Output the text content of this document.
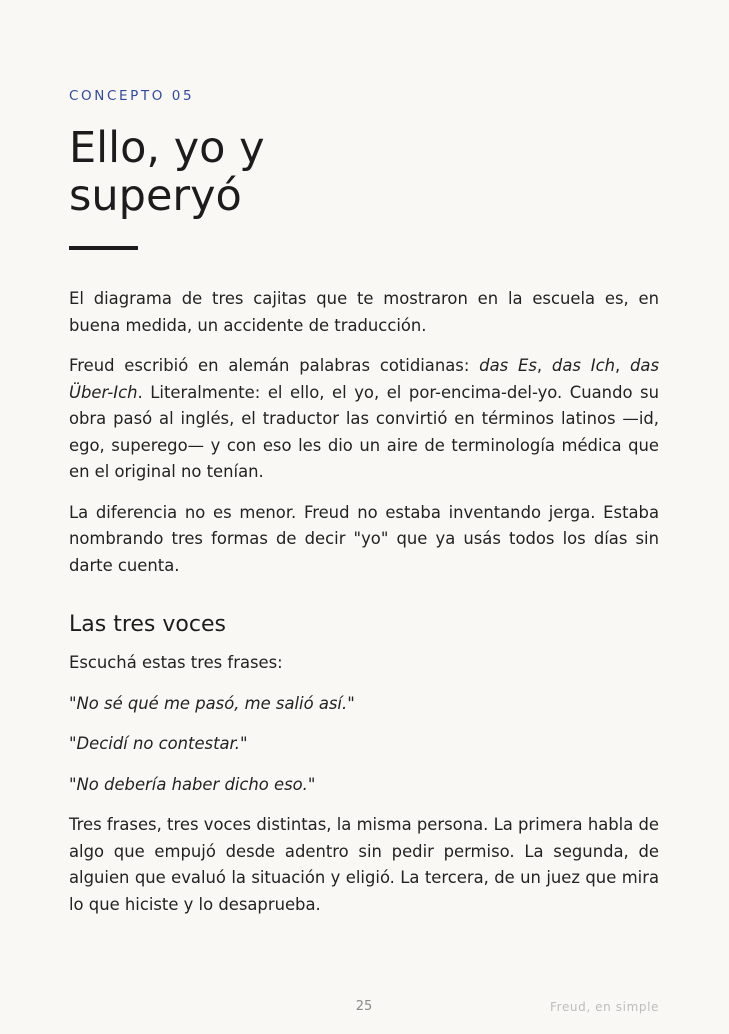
CONCEPTO 05
Ello, yo y
superyó

El diagrama de tres cajitas que te mostraron en la escuela es, en buena medida, un accidente de traducción.

Freud escribió en alemán palabras cotidianas: das Es, das Ich, das Über-Ich. Literalmente: el ello, el yo, el por-encima-del-yo. Cuando su obra pasó al inglés, el traductor las convirtió en términos latinos —id, ego, superego— y con eso les dio un aire de terminología médica que en el original no tenían.

La diferencia no es menor. Freud no estaba inventando jerga. Estaba nombrando tres formas de decir "yo" que ya usás todos los días sin darte cuenta.

Las tres voces

Escuchá estas tres frases:

"No sé qué me pasó, me salió así."

"Decidí no contestar."

"No debería haber dicho eso."

Tres frases, tres voces distintas, la misma persona. La primera habla de algo que empujó desde adentro sin pedir permiso. La segunda, de alguien que evaluó la situación y eligió. La tercera, de un juez que mira lo que hiciste y lo desaprueba.

25	Freud, en simple
